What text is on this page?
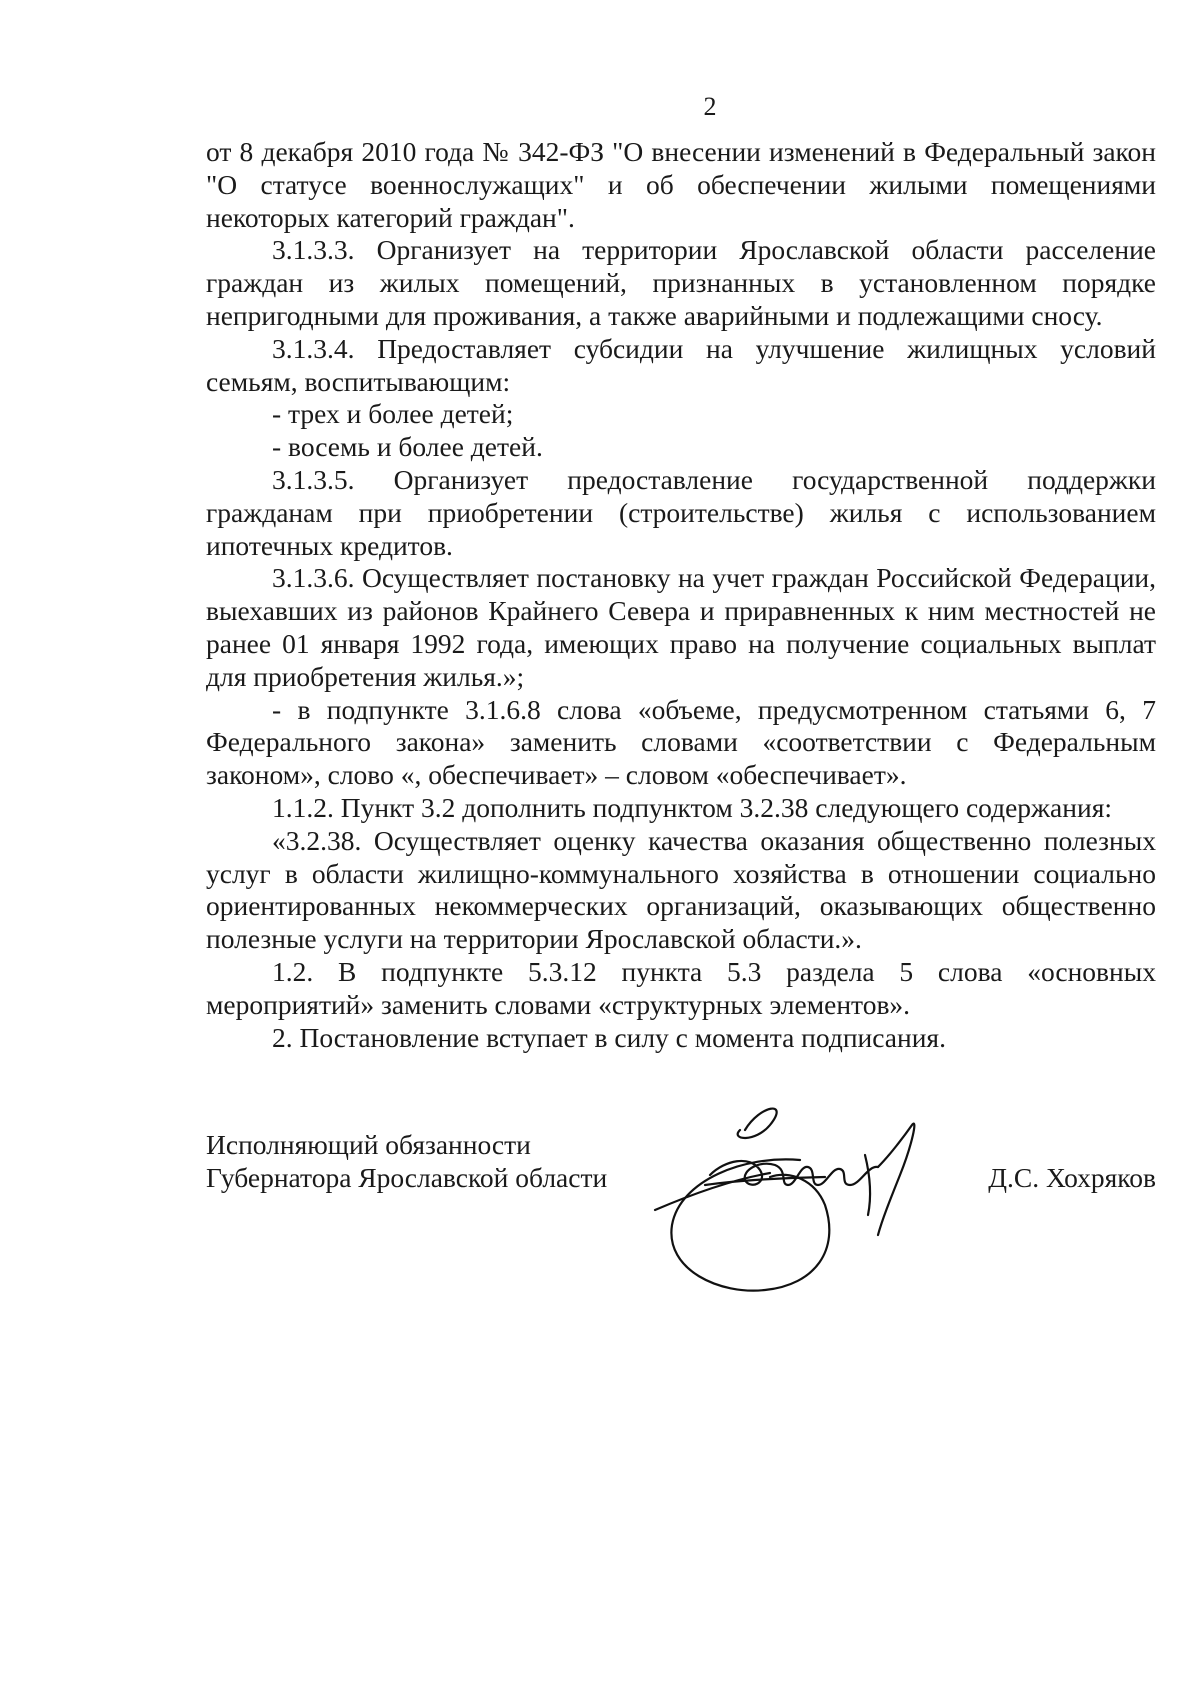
2

от 8 декабря 2010 года № 342-ФЗ "О внесении изменений в Федеральный закон "О статусе военнослужащих" и об обеспечении жилыми помещениями некоторых категорий граждан".

3.1.3.3. Организует на территории Ярославской области расселение граждан из жилых помещений, признанных в установленном порядке непригодными для проживания, а также аварийными и подлежащими сносу.

3.1.3.4. Предоставляет субсидии на улучшение жилищных условий семьям, воспитывающим:

- трех и более детей;

- восемь и более детей.

3.1.3.5. Организует предоставление государственной поддержки гражданам при приобретении (строительстве) жилья с использованием ипотечных кредитов.

3.1.3.6. Осуществляет постановку на учет граждан Российской Федерации, выехавших из районов Крайнего Севера и приравненных к ним местностей не ранее 01 января 1992 года, имеющих право на получение социальных выплат для приобретения жилья.»;

- в подпункте 3.1.6.8 слова «объеме, предусмотренном статьями 6, 7 Федерального закона» заменить словами «соответствии с Федеральным законом», слово «, обеспечивает» – словом «обеспечивает».

1.1.2. Пункт 3.2 дополнить подпунктом 3.2.38 следующего содержания:

«3.2.38. Осуществляет оценку качества оказания общественно полезных услуг в области жилищно-коммунального хозяйства в отношении социально ориентированных некоммерческих организаций, оказывающих общественно полезные услуги на территории Ярославской области.».

1.2. В подпункте 5.3.12 пункта 5.3 раздела 5 слова «основных мероприятий» заменить словами «структурных элементов».

2. Постановление вступает в силу с момента подписания.

Исполняющий обязанности
Губернатора Ярославской области	Д.С. Хохряков
